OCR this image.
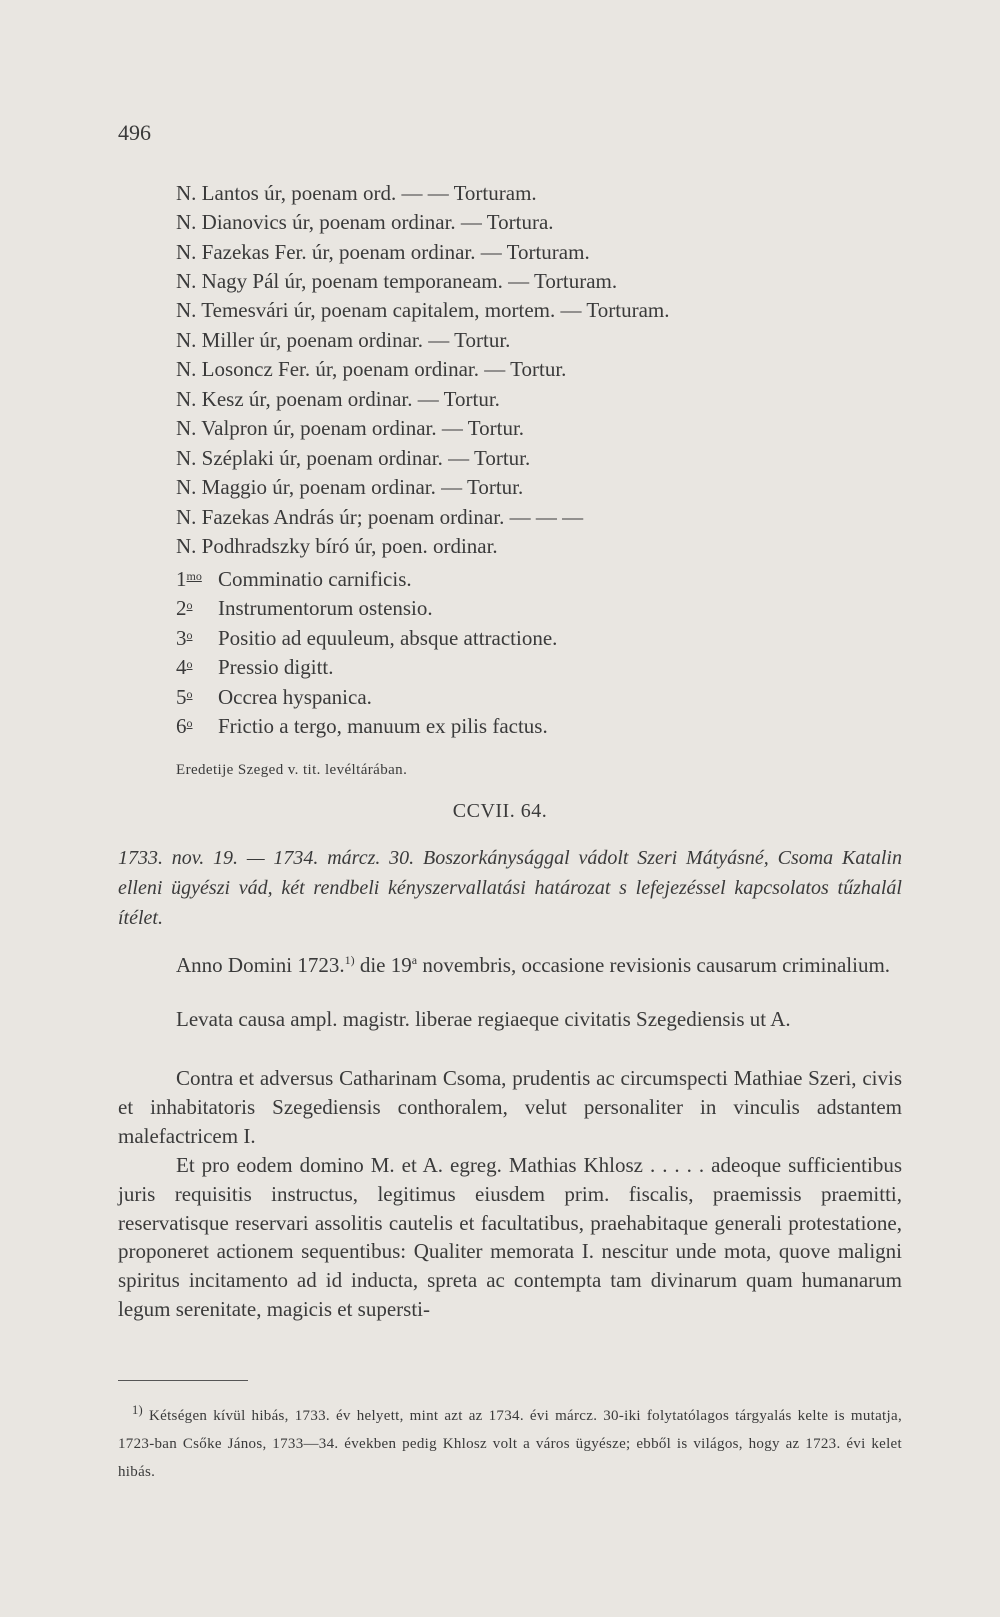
496
N. Lantos úr, poenam ord. — — Torturam.
N. Dianovics úr, poenam ordinar. — Tortura.
N. Fazekas Fer. úr, poenam ordinar. — Torturam.
N. Nagy Pál úr, poenam temporaneam. — Torturam.
N. Temesvári úr, poenam capitalem, mortem. — Torturam.
N. Miller úr, poenam ordinar. — Tortur.
N. Losoncz Fer. úr, poenam ordinar. — Tortur.
N. Kesz úr, poenam ordinar. — Tortur.
N. Valpron úr, poenam ordinar. — Tortur.
N. Széplaki úr, poenam ordinar. — Tortur.
N. Maggio úr, poenam ordinar. — Tortur.
N. Fazekas András úr; poenam ordinar. — — —
N. Podhradszky bíró úr, poen. ordinar.
$1^{mo}$ Comminatio carnificis.
2$^o$ Instrumentorum ostensio.
3$^o$ Positio ad equuleum, absque attractione.
4$^o$ Pressio digitt.
5$^o$ Occrea hyspanica.
6$^o$ Frictio a tergo, manuum ex pilis factus.
Eredetije Szeged v. tit. levéltárában.
CCVII. 64.
1733. nov. 19. — 1734. márcz. 30. Boszorkánysággal vádolt Szeri Mátyásné, Csoma Katalin elleni ügyészi vád, két rendbeli kényszervallatási határozat s lefejezéssel kapcsolatos tűzhalál ítélet.
Anno Domini 1723.$^{1)}$ die 19$^a$ novembris, occasione revisionis causarum criminalium.
Levata causa ampl. magistr. liberae regiaeque civitatis Szegediensis ut A.
Contra et adversus Catharinam Csoma, prudentis ac circumspecti Mathiae Szeri, civis et inhabitatoris Szegediensis conthoralem, velut personaliter in vinculis adstantem malefactricem I.
Et pro eodem domino M. et A. egreg. Mathias Khlosz . . . . . adeoque sufficientibus juris requisitis instructus, legitimus eiusdem prim. fiscalis, praemissis praemitti, reservatisque reservari assolitis cautelis et facultatibus, praehabitaque generali protestatione, proponeret actionem sequentibus: Qualiter memorata I. nescitur unde mota, quove maligni spiritus incitamento ad id inducta, spreta ac contempta tam divinarum quam humanarum legum serenitate, magicis et supersti-
$^{1)}$ Kétségen kívül hibás, 1733. év helyett, mint azt az 1734. évi márcz. 30-iki folytatólagos tárgyalás kelte is mutatja, 1723-ban Csőke János, 1733—34. években pedig Khlosz volt a város ügyésze; ebből is világos, hogy az 1723. évi kelet hibás.
